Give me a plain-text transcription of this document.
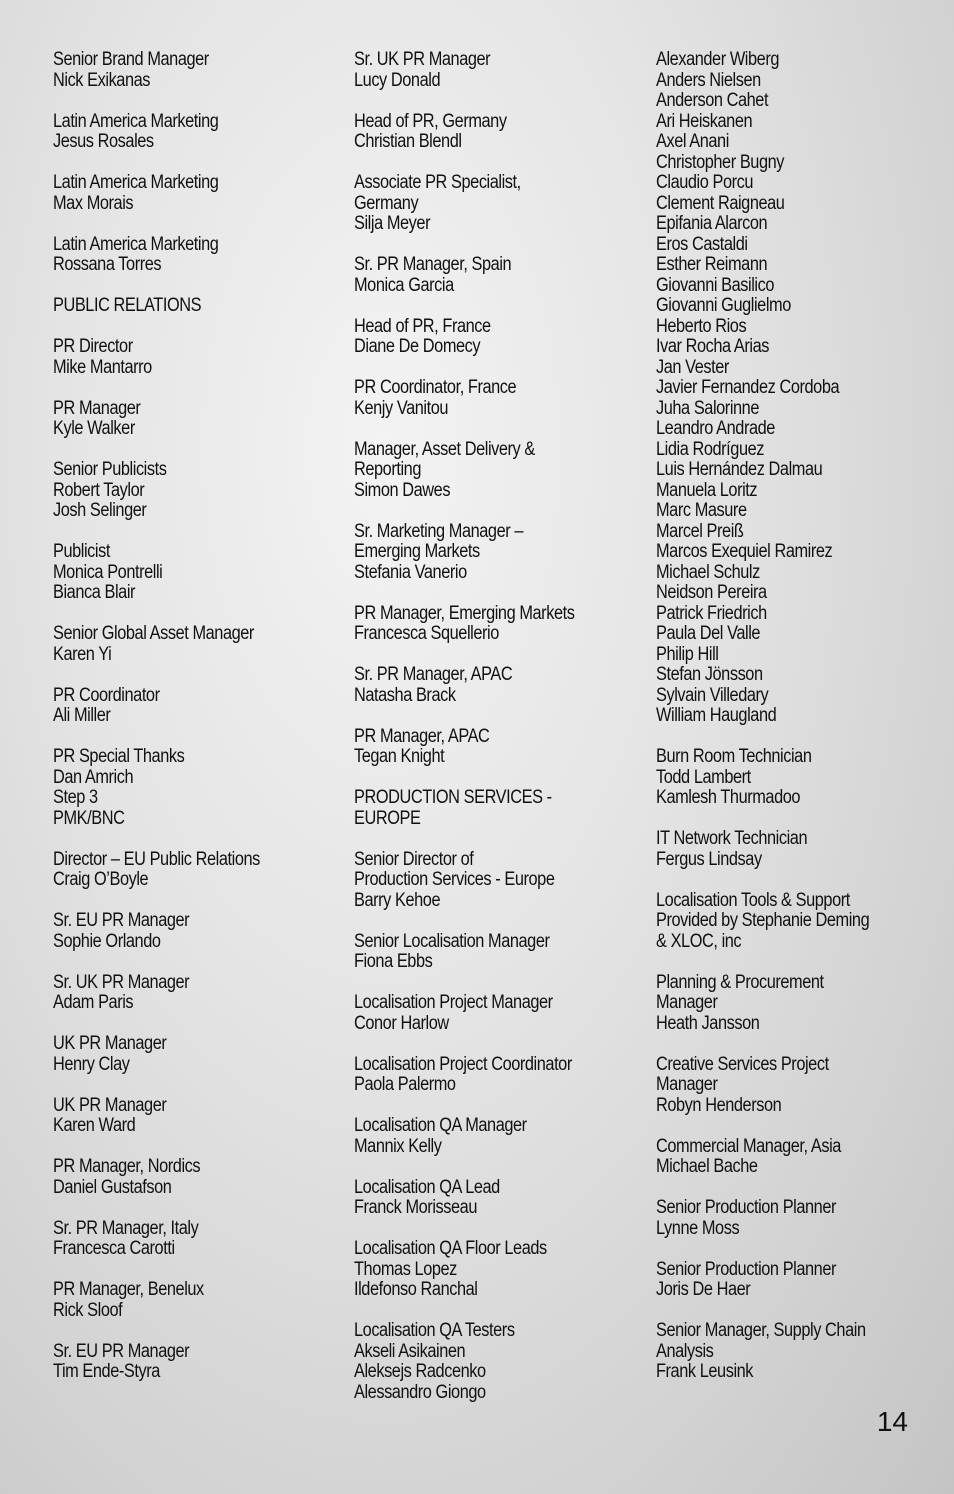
Senior Brand Manager
Nick Exikanas
Latin America Marketing
Jesus Rosales
Latin America Marketing
Max Morais
Latin America Marketing
Rossana Torres
PUBLIC RELATIONS
PR Director
Mike Mantarro
PR Manager
Kyle Walker
Senior Publicists
Robert Taylor
Josh Selinger
Publicist
Monica Pontrelli
Bianca Blair
Senior Global Asset Manager
Karen Yi
PR Coordinator
Ali Miller
PR Special Thanks
Dan Amrich
Step 3
PMK/BNC
Director – EU Public Relations
Craig O’Boyle
Sr. EU PR Manager
Sophie Orlando
Sr. UK PR Manager
Adam Paris
UK PR Manager
Henry Clay
UK PR Manager
Karen Ward
PR Manager, Nordics
Daniel Gustafson
Sr. PR Manager, Italy
Francesca Carotti
PR Manager, Benelux
Rick Sloof
Sr. EU PR Manager
Tim Ende-Styra
Sr. UK PR Manager
Lucy Donald
Head of PR, Germany
Christian Blendl
Associate PR Specialist,
Germany
Silja Meyer
Sr. PR Manager, Spain
Monica Garcia
Head of PR, France
Diane De Domecy
PR Coordinator, France
Kenjy Vanitou
Manager, Asset Delivery &
Reporting
Simon Dawes
Sr. Marketing Manager –
Emerging Markets
Stefania Vanerio
PR Manager, Emerging Markets
Francesca Squellerio
Sr. PR Manager, APAC
Natasha Brack
PR Manager, APAC
Tegan Knight
PRODUCTION SERVICES -
EUROPE
Senior Director of
Production Services - Europe
Barry Kehoe
Senior Localisation Manager
Fiona Ebbs
Localisation Project Manager
Conor Harlow
Localisation Project Coordinator
Paola Palermo
Localisation QA Manager
Mannix Kelly
Localisation QA Lead
Franck Morisseau
Localisation QA Floor Leads
Thomas Lopez
Ildefonso Ranchal
Localisation QA Testers
Akseli Asikainen
Aleksejs Radcenko
Alessandro Giongo
Alexander Wiberg
Anders Nielsen
Anderson Cahet
Ari Heiskanen
Axel Anani
Christopher Bugny
Claudio Porcu
Clement Raigneau
Epifania Alarcon
Eros Castaldi
Esther Reimann
Giovanni Basilico
Giovanni Guglielmo
Heberto Rios
Ivar Rocha Arias
Jan Vester
Javier Fernandez Cordoba
Juha Salorinne
Leandro Andrade
Lidia Rodríguez
Luis Hernández Dalmau
Manuela Loritz
Marc Masure
Marcel Preiß
Marcos Exequiel Ramirez
Michael Schulz
Neidson Pereira
Patrick Friedrich
Paula Del Valle
Philip Hill
Stefan Jönsson
Sylvain Villedary
William Haugland
Burn Room Technician
Todd Lambert
Kamlesh Thurmadoo
IT Network Technician
Fergus Lindsay
Localisation Tools & Support
Provided by Stephanie Deming
& XLOC, inc
Planning & Procurement
Manager
Heath Jansson
Creative Services Project
Manager
Robyn Henderson
Commercial Manager, Asia
Michael Bache
Senior Production Planner
Lynne Moss
Senior Production Planner
Joris De Haer
Senior Manager, Supply Chain
Analysis
Frank Leusink
14
